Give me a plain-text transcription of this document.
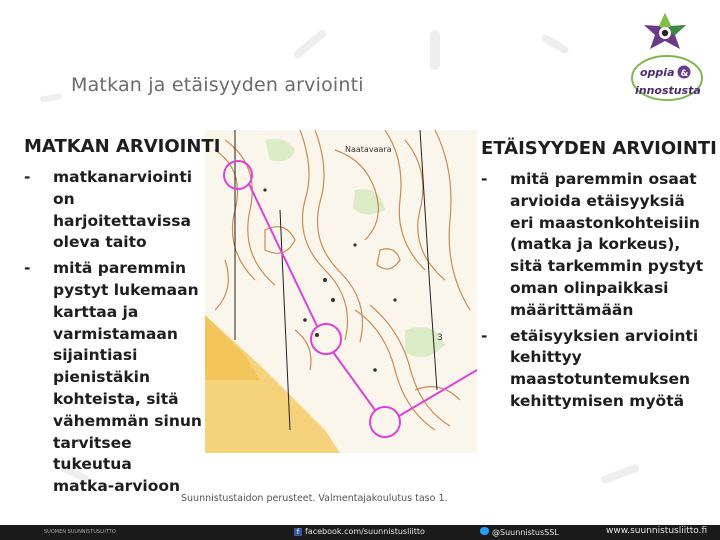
oppia &
innostusta
Matkan ja etäisyyden arviointi
Naatavaara
3
MATKAN ARVIOINTI
-	matkanarviointi
on harjoitettavissa
oleva taito
-	mitä paremmin
pystyt lukemaan
karttaa ja
varmistamaan
sijaintiasi
pienistäkin
kohteista, sitä
vähemmän sinun
tarvitsee tukeutua
matka-arvioon
ETÄISYYDEN ARVIOINTI
-	mitä paremmin osaat
arvioida etäisyyksiä
eri maastonkohteisiin
(matka ja korkeus),
sitä tarkemmin pystyt
oman olinpaikkasi
määrittämään
-	etäisyyksien arviointi
kehittyy
maastotuntemuksen
kehittymisen myötä
Suunnistustaidon perusteet. Valmentajakoulutus taso 1.
SUOMEN SUUNNISTUSLIITTO	f facebook.com/suunnistusliitto	@SuunnistusSSL	www.suunnistusliitto.fi
